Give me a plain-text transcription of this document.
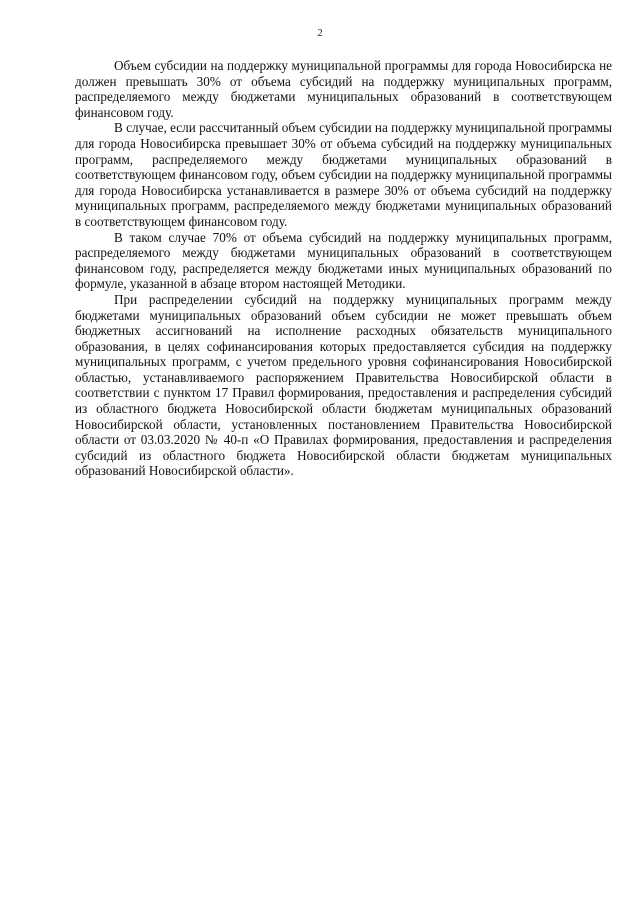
2

Объем субсидии на поддержку муниципальной программы для города Новосибирска не должен превышать 30% от объема субсидий на поддержку муниципальных программ, распределяемого между бюджетами муниципальных образований в соответствующем финансовом году.

В случае, если рассчитанный объем субсидии на поддержку муниципальной программы для города Новосибирска превышает 30% от объема субсидий на поддержку муниципальных программ, распределяемого между бюджетами муниципальных образований в соответствующем финансовом году, объем субсидии на поддержку муниципальной программы для города Новосибирска устанавливается в размере 30% от объема субсидий на поддержку муниципальных программ, распределяемого между бюджетами муниципальных образований в соответствующем финансовом году.

В таком случае 70% от объема субсидий на поддержку муниципальных программ, распределяемого между бюджетами муниципальных образований в соответствующем финансовом году, распределяется между бюджетами иных муниципальных образований по формуле, указанной в абзаце втором настоящей Методики.

При распределении субсидий на поддержку муниципальных программ между бюджетами муниципальных образований объем субсидии не может превышать объем бюджетных ассигнований на исполнение расходных обязательств муниципального образования, в целях софинансирования которых предоставляется субсидия на поддержку муниципальных программ, с учетом предельного уровня софинансирования Новосибирской областью, устанавливаемого распоряжением Правительства Новосибирской области в соответствии с пунктом 17 Правил формирования, предоставления и распределения субсидий из областного бюджета Новосибирской области бюджетам муниципальных образований Новосибирской области, установленных постановлением Правительства Новосибирской области от 03.03.2020 № 40-п «О Правилах формирования, предоставления и распределения субсидий из областного бюджета Новосибирской области бюджетам муниципальных образований Новосибирской области».
